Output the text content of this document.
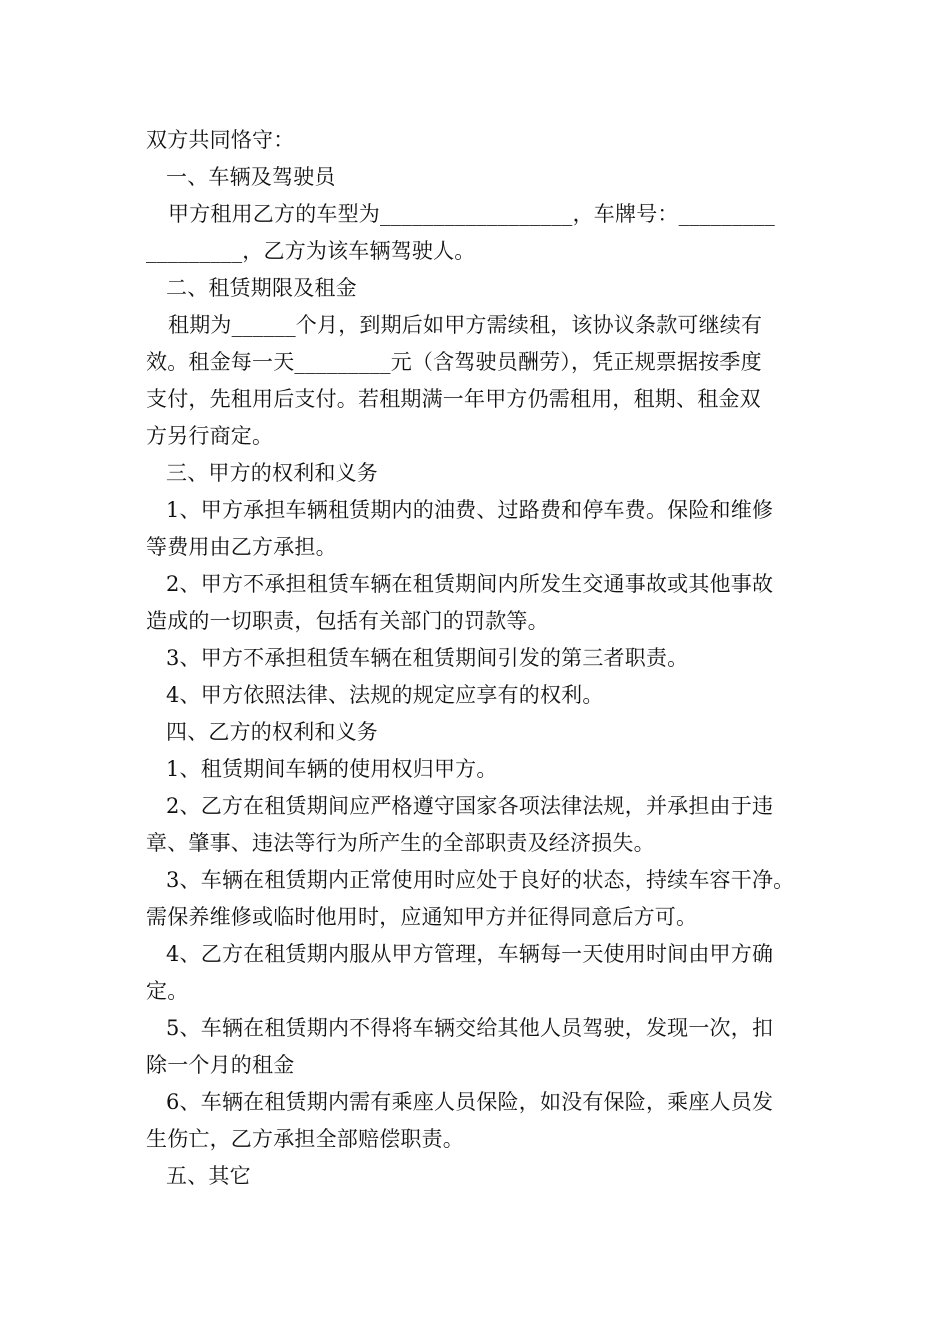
双方共同恪守：
一、车辆及驾驶员
甲方租用乙方的车型为__________________，车牌号：_________
_________，乙方为该车辆驾驶人。
二、租赁期限及租金
租期为______个月，到期后如甲方需续租，该协议条款可继续有
效。租金每一天_________元（含驾驶员酬劳），凭正规票据按季度
支付，先租用后支付。若租期满一年甲方仍需租用，租期、租金双
方另行商定。
三、甲方的权利和义务
1、甲方承担车辆租赁期内的油费、过路费和停车费。保险和维修
等费用由乙方承担。
2、甲方不承担租赁车辆在租赁期间内所发生交通事故或其他事故
造成的一切职责，包括有关部门的罚款等。
3、甲方不承担租赁车辆在租赁期间引发的第三者职责。
4、甲方依照法律、法规的规定应享有的权利。
四、乙方的权利和义务
1、租赁期间车辆的使用权归甲方。
2、乙方在租赁期间应严格遵守国家各项法律法规，并承担由于违
章、肇事、违法等行为所产生的全部职责及经济损失。
3、车辆在租赁期内正常使用时应处于良好的状态，持续车容干净。
需保养维修或临时他用时，应通知甲方并征得同意后方可。
4、乙方在租赁期内服从甲方管理，车辆每一天使用时间由甲方确
定。
5、车辆在租赁期内不得将车辆交给其他人员驾驶，发现一次，扣
除一个月的租金
6、车辆在租赁期内需有乘座人员保险，如没有保险，乘座人员发
生伤亡，乙方承担全部赔偿职责。
五、其它
